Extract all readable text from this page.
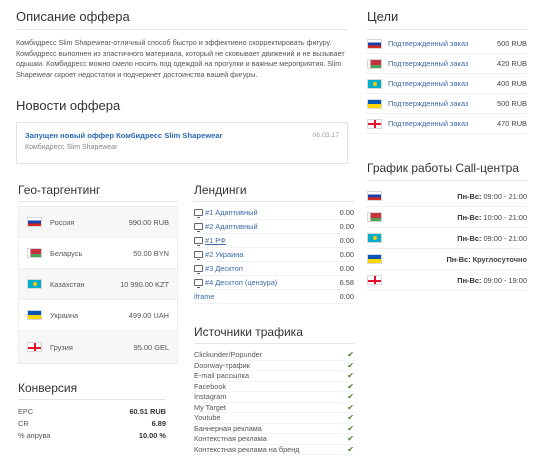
Описание оффера
Комбидресс Slim Shapewear-отличный способ быстро и эффективно скорректировать фигуру. Комбидресс выполнен из эластичного материала, который не сковывает движений и не вызывает одышки. Комбидресс можно смело носить под одеждой на прогулки и важные мероприятия. Slim Shapewear скроет недостатки и подчеркнет достоинства вашей фигуры.
Новости оффера
Запущен новый оффер Комбидресс Slim Shapewear
Комбидресс Slim Shapewear
06.03.17
Гео-таргентинг
Россия	990.00 RUB
Беларусь	50.00 BYN
Казахстан	10 990.00 KZT
Украина	499.00 UAH
Грузия	95.00 GEL
Конверсия
EPC	60.51 RUB
CR	6.89
% апрува	10.00 %
Лендинги
#1 Адаптивный	0.00
#2 Адаптивный	0.00
#1 РФ	0.00
#2 Украина	0.00
#3 Десктоп	0.00
#4 Десктоп (цензура)	6.58
iframe	0.00
Источники трафика
Clickunder/Popunder	✔
Doorway-трафик	✔
E-mail рассылка	✔
Facebook	✔
Instagram	✔
My Target	✔
Youtube	✔
Баннерная реклама	✔
Контекстная реклама	✔
Контекстная реклама на бренд	✔
Цели
Подтвержденный заказ	500 RUB
Подтвержденный заказ	420 RUB
Подтвержденный заказ	400 RUB
Подтвержденный заказ	500 RUB
Подтвержденный заказ	470 RUB
График работы Call-центра
Пн-Вс: 09:00 - 21:00
Пн-Вс: 10:00 - 21:00
Пн-Вс: 09:00 - 21:00
Пн-Вс: Круглосуточно
Пн-Вс: 09:00 - 19:00
